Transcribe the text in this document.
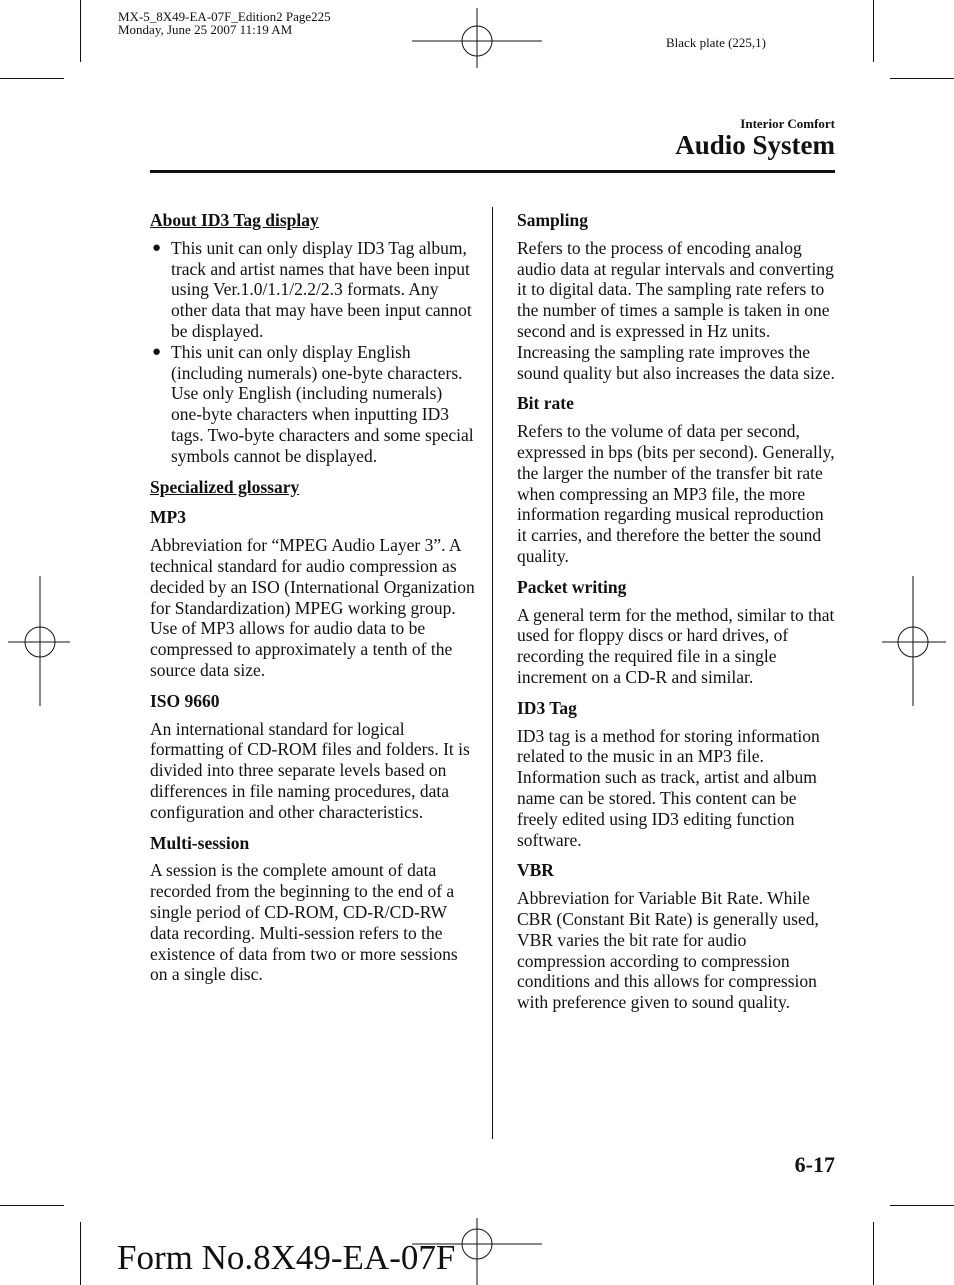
MX-5_8X49-EA-07F_Edition2 Page225
Monday, June 25 2007 11:19 AM
Black plate (225,1)
Interior Comfort
Audio System
About ID3 Tag display
● This unit can only display ID3 Tag album, track and artist names that have been input using Ver.1.0/1.1/2.2/2.3 formats. Any other data that may have been input cannot be displayed.
● This unit can only display English (including numerals) one-byte characters. Use only English (including numerals) one-byte characters when inputting ID3 tags. Two-byte characters and some special symbols cannot be displayed.
Specialized glossary
MP3

Abbreviation for “MPEG Audio Layer 3”. A technical standard for audio compression as decided by an ISO (International Organization for Standardization) MPEG working group. Use of MP3 allows for audio data to be compressed to approximately a tenth of the source data size.

ISO 9660

An international standard for logical formatting of CD-ROM files and folders. It is divided into three separate levels based on differences in file naming procedures, data configuration and other characteristics.

Multi-session

A session is the complete amount of data recorded from the beginning to the end of a single period of CD-ROM, CD-R/CD-RW data recording. Multi-session refers to the existence of data from two or more sessions on a single disc.

Sampling

Refers to the process of encoding analog audio data at regular intervals and converting it to digital data. The sampling rate refers to the number of times a sample is taken in one second and is expressed in Hz units. Increasing the sampling rate improves the sound quality but also increases the data size.

Bit rate

Refers to the volume of data per second, expressed in bps (bits per second). Generally, the larger the number of the transfer bit rate when compressing an MP3 file, the more information regarding musical reproduction it carries, and therefore the better the sound quality.

Packet writing

A general term for the method, similar to that used for floppy discs or hard drives, of recording the required file in a single increment on a CD-R and similar.

ID3 Tag

ID3 tag is a method for storing information related to the music in an MP3 file. Information such as track, artist and album name can be stored. This content can be freely edited using ID3 editing function software.

VBR

Abbreviation for Variable Bit Rate. While CBR (Constant Bit Rate) is generally used, VBR varies the bit rate for audio compression according to compression conditions and this allows for compression with preference given to sound quality.

6-17
Form No.8X49-EA-07F
